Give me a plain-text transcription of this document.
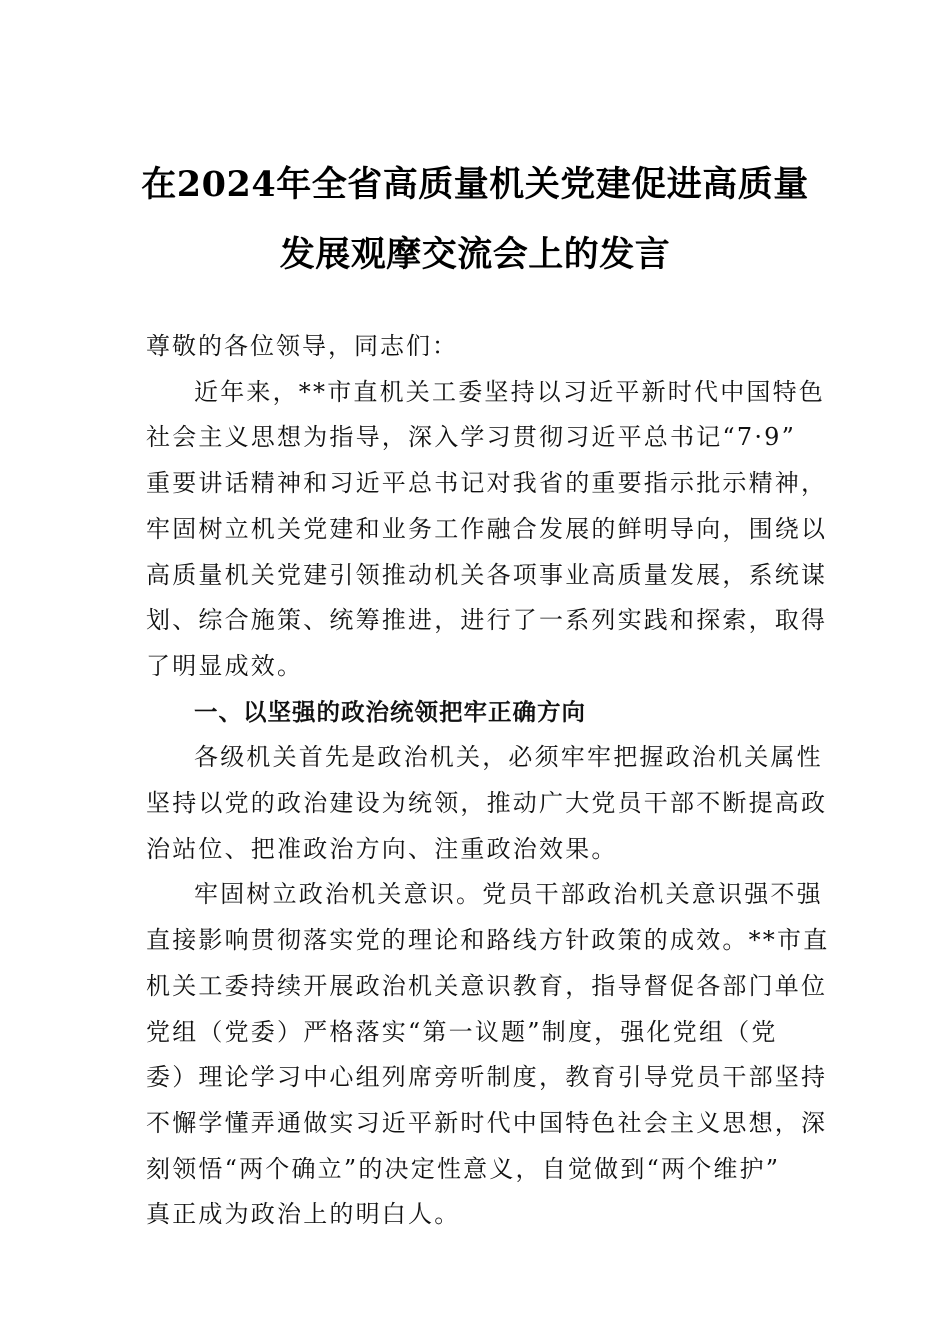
在2024年全省高质量机关党建促进高质量
发展观摩交流会上的发言

尊敬的各位领导，同志们：

近年来，**市直机关工委坚持以习近平新时代中国特色
社会主义思想为指导，深入学习贯彻习近平总书记“7·9”
重要讲话精神和习近平总书记对我省的重要指示批示精神，
牢固树立机关党建和业务工作融合发展的鲜明导向，围绕以
高质量机关党建引领推动机关各项事业高质量发展，系统谋
划、综合施策、统筹推进，进行了一系列实践和探索，取得
了明显成效。

一、以坚强的政治统领把牢正确方向

各级机关首先是政治机关，必须牢牢把握政治机关属性
坚持以党的政治建设为统领，推动广大党员干部不断提高政
治站位、把准政治方向、注重政治效果。

牢固树立政治机关意识。党员干部政治机关意识强不强
直接影响贯彻落实党的理论和路线方针政策的成效。**市直
机关工委持续开展政治机关意识教育，指导督促各部门单位
党组（党委）严格落实“第一议题”制度，强化党组（党
委）理论学习中心组列席旁听制度，教育引导党员干部坚持
不懈学懂弄通做实习近平新时代中国特色社会主义思想，深
刻领悟“两个确立”的决定性意义，自觉做到“两个维护”
真正成为政治上的明白人。
